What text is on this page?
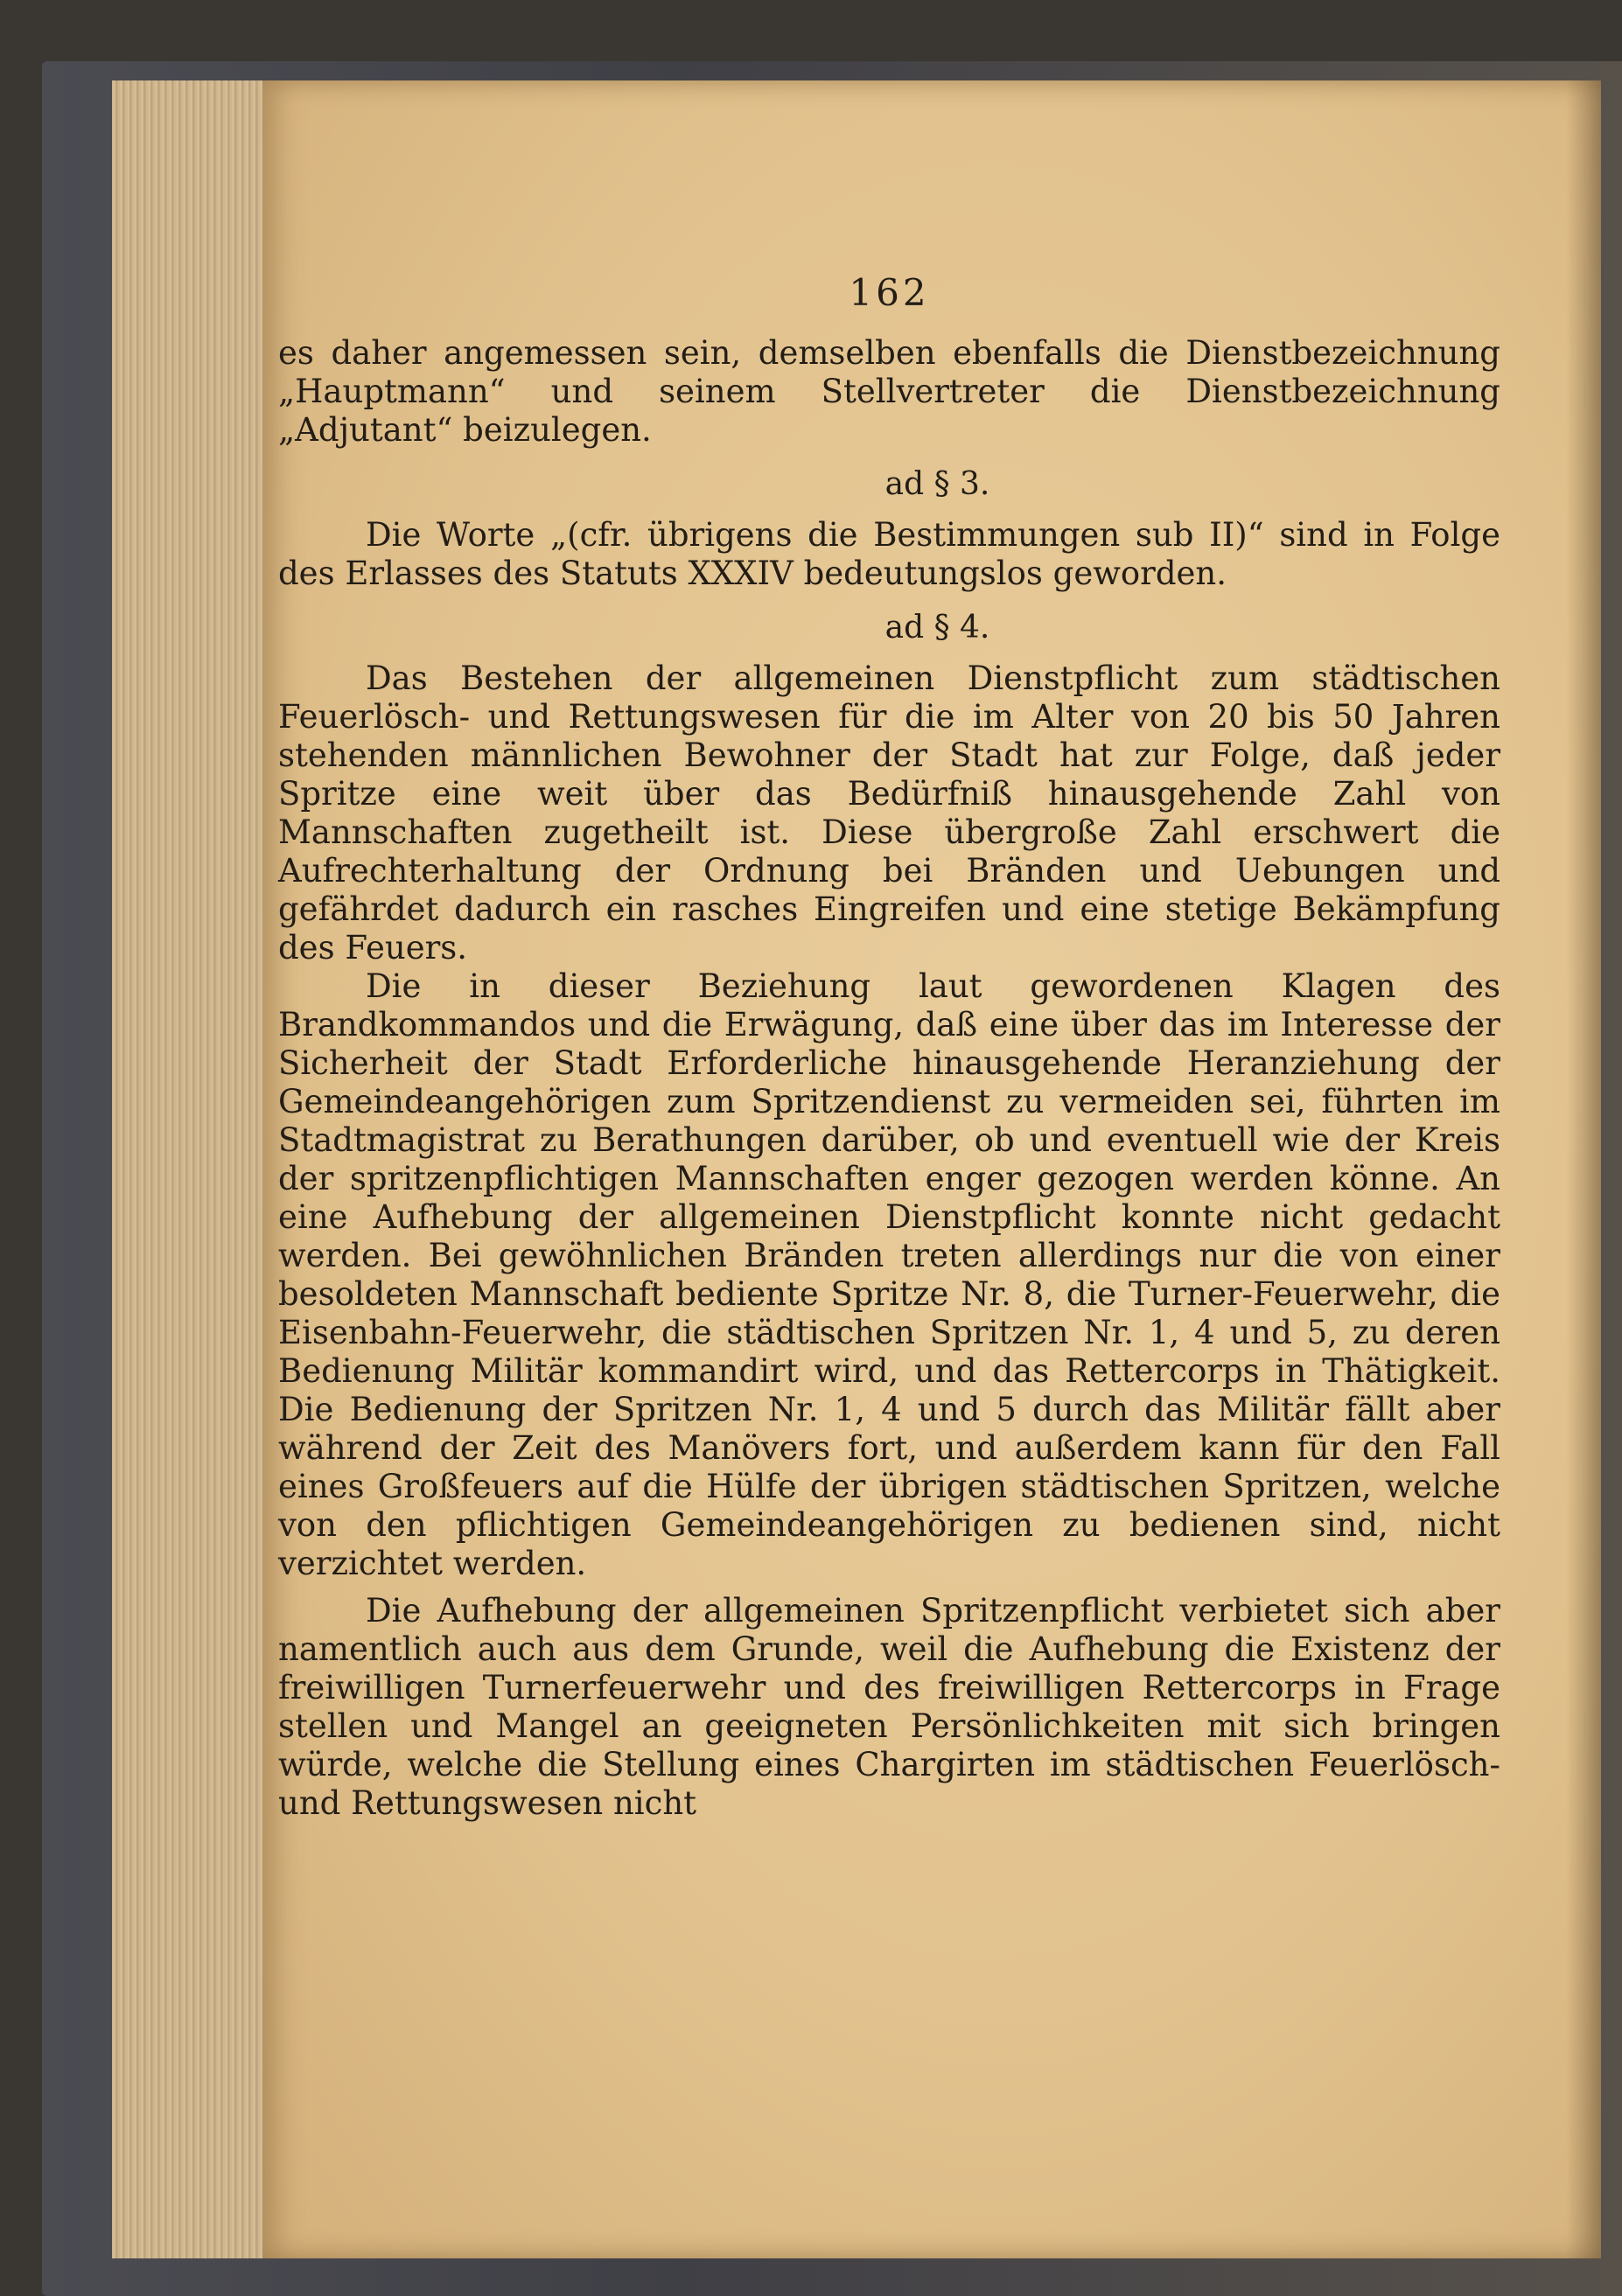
162

es daher angemessen sein, demselben ebenfalls die Dienstbezeichnung „Hauptmann“ und seinem Stellvertreter die Dienstbezeichnung „Adjutant“ beizulegen.

ad § 3.

Die Worte „(cfr. übrigens die Bestimmungen sub II)“ sind in Folge des Erlasses des Statuts XXXIV bedeutungslos geworden.

ad § 4.

Das Bestehen der allgemeinen Dienstpflicht zum städtischen Feuerlösch- und Rettungswesen für die im Alter von 20 bis 50 Jahren stehenden männlichen Bewohner der Stadt hat zur Folge, daß jeder Spritze eine weit über das Bedürfniß hinausgehende Zahl von Mannschaften zugetheilt ist. Diese übergroße Zahl erschwert die Aufrechterhaltung der Ordnung bei Bränden und Uebungen und gefährdet dadurch ein rasches Eingreifen und eine stetige Bekämpfung des Feuers.

Die in dieser Beziehung laut gewordenen Klagen des Brandkommandos und die Erwägung, daß eine über das im Interesse der Sicherheit der Stadt Erforderliche hinausgehende Heranziehung der Gemeindeangehörigen zum Spritzendienst zu vermeiden sei, führten im Stadtmagistrat zu Berathungen darüber, ob und eventuell wie der Kreis der spritzenpflichtigen Mannschaften enger gezogen werden könne. An eine Aufhebung der allgemeinen Dienstpflicht konnte nicht gedacht werden. Bei gewöhnlichen Bränden treten allerdings nur die von einer besoldeten Mannschaft bediente Spritze Nr. 8, die Turner-Feuerwehr, die Eisenbahn-Feuerwehr, die städtischen Spritzen Nr. 1, 4 und 5, zu deren Bedienung Militär kommandirt wird, und das Rettercorps in Thätigkeit. Die Bedienung der Spritzen Nr. 1, 4 und 5 durch das Militär fällt aber während der Zeit des Manövers fort, und außerdem kann für den Fall eines Großfeuers auf die Hülfe der übrigen städtischen Spritzen, welche von den pflichtigen Gemeindeangehörigen zu bedienen sind, nicht verzichtet werden.

Die Aufhebung der allgemeinen Spritzenpflicht verbietet sich aber namentlich auch aus dem Grunde, weil die Aufhebung die Existenz der freiwilligen Turnerfeuerwehr und des freiwilligen Rettercorps in Frage stellen und Mangel an geeigneten Persönlichkeiten mit sich bringen würde, welche die Stellung eines Chargirten im städtischen Feuerlösch- und Rettungswesen nicht
